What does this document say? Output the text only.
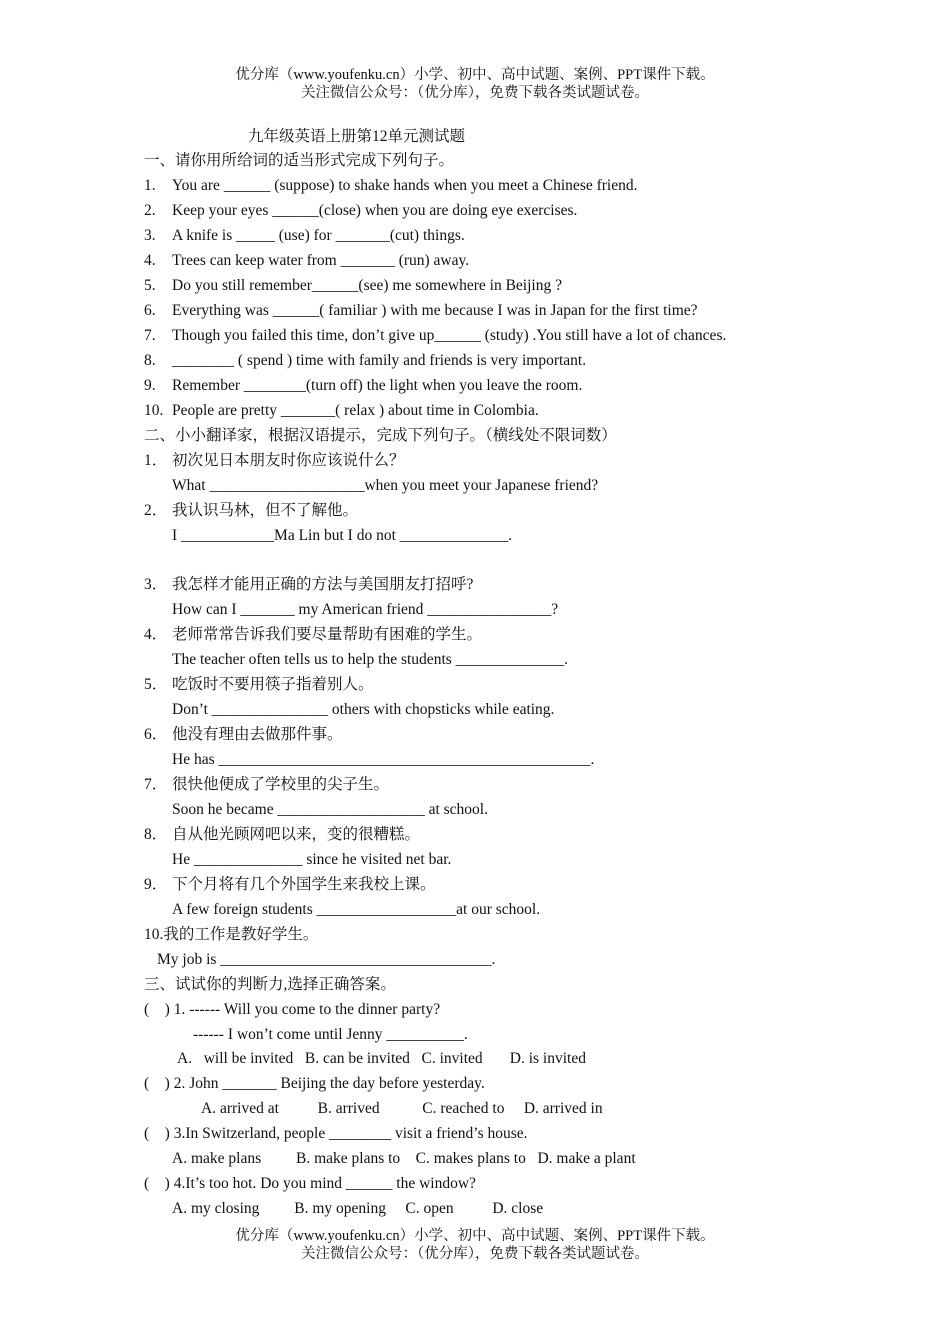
优分库（www.youfenku.cn）小学、初中、高中试题、案例、PPT课件下载。
关注微信公众号：（优分库），免费下载各类试题试卷。
九年级英语上册第12单元测试题
一、请你用所给词的适当形式完成下列句子。
1. You are ______ (suppose) to shake hands when you meet a Chinese friend.
2. Keep your eyes ______(close) when you are doing eye exercises.
3. A knife is _____ (use) for _______(cut) things.
4. Trees can keep water from _______ (run) away.
5. Do you still remember______(see) me somewhere in Beijing ?
6. Everything was ______( familiar ) with me because I was in Japan for the first time?
7. Though you failed this time, don’t give up______ (study) .You still have a lot of chances.
8. ________ ( spend ) time with family and friends is very important.
9. Remember ________(turn off) the light when you leave the room.
10. People are pretty _______( relax ) about time in Colombia.
二、小小翻译家，根据汉语提示，完成下列句子。（横线处不限词数）
1． 初次见日本朋友时你应该说什么？
What ____________________when you meet your Japanese friend?
2． 我认识马林，但不了解他。
I ____________Ma Lin but I do not ______________.
3． 我怎样才能用正确的方法与美国朋友打招呼?
How can I _______ my American friend ________________?
4． 老师常常告诉我们要尽量帮助有困难的学生。
The teacher often tells us to help the students ______________.
5． 吃饭时不要用筷子指着别人。
Don’t _______________ others with chopsticks while eating.
6． 他没有理由去做那件事。
He has ________________________________________________.
7． 很快他便成了学校里的尖子生。
Soon he became ___________________ at school.
8． 自从他光顾网吧以来，变的很糟糕。
He ______________ since he visited net bar.
9． 下个月将有几个外国学生来我校上课。
A few foreign students __________________at our school.
10.我的工作是教好学生。
My job is ___________________________________.
三、试试你的判断力,选择正确答案。
(    ) 1. ------ Will you come to the dinner party?
------ I won’t come until Jenny __________.
A.   will be invited   B. can be invited   C. invited       D. is invited
(    ) 2. John _______ Beijing the day before yesterday.
A. arrived at          B. arrived           C. reached to     D. arrived in
(    ) 3.In Switzerland, people ________ visit a friend’s house.
A. make plans         B. make plans to    C. makes plans to   D. make a plant
(    ) 4.It’s too hot. Do you mind ______ the window?
A. my closing         B. my opening     C. open          D. close
优分库（www.youfenku.cn）小学、初中、高中试题、案例、PPT课件下载。
关注微信公众号：（优分库），免费下载各类试题试卷。
